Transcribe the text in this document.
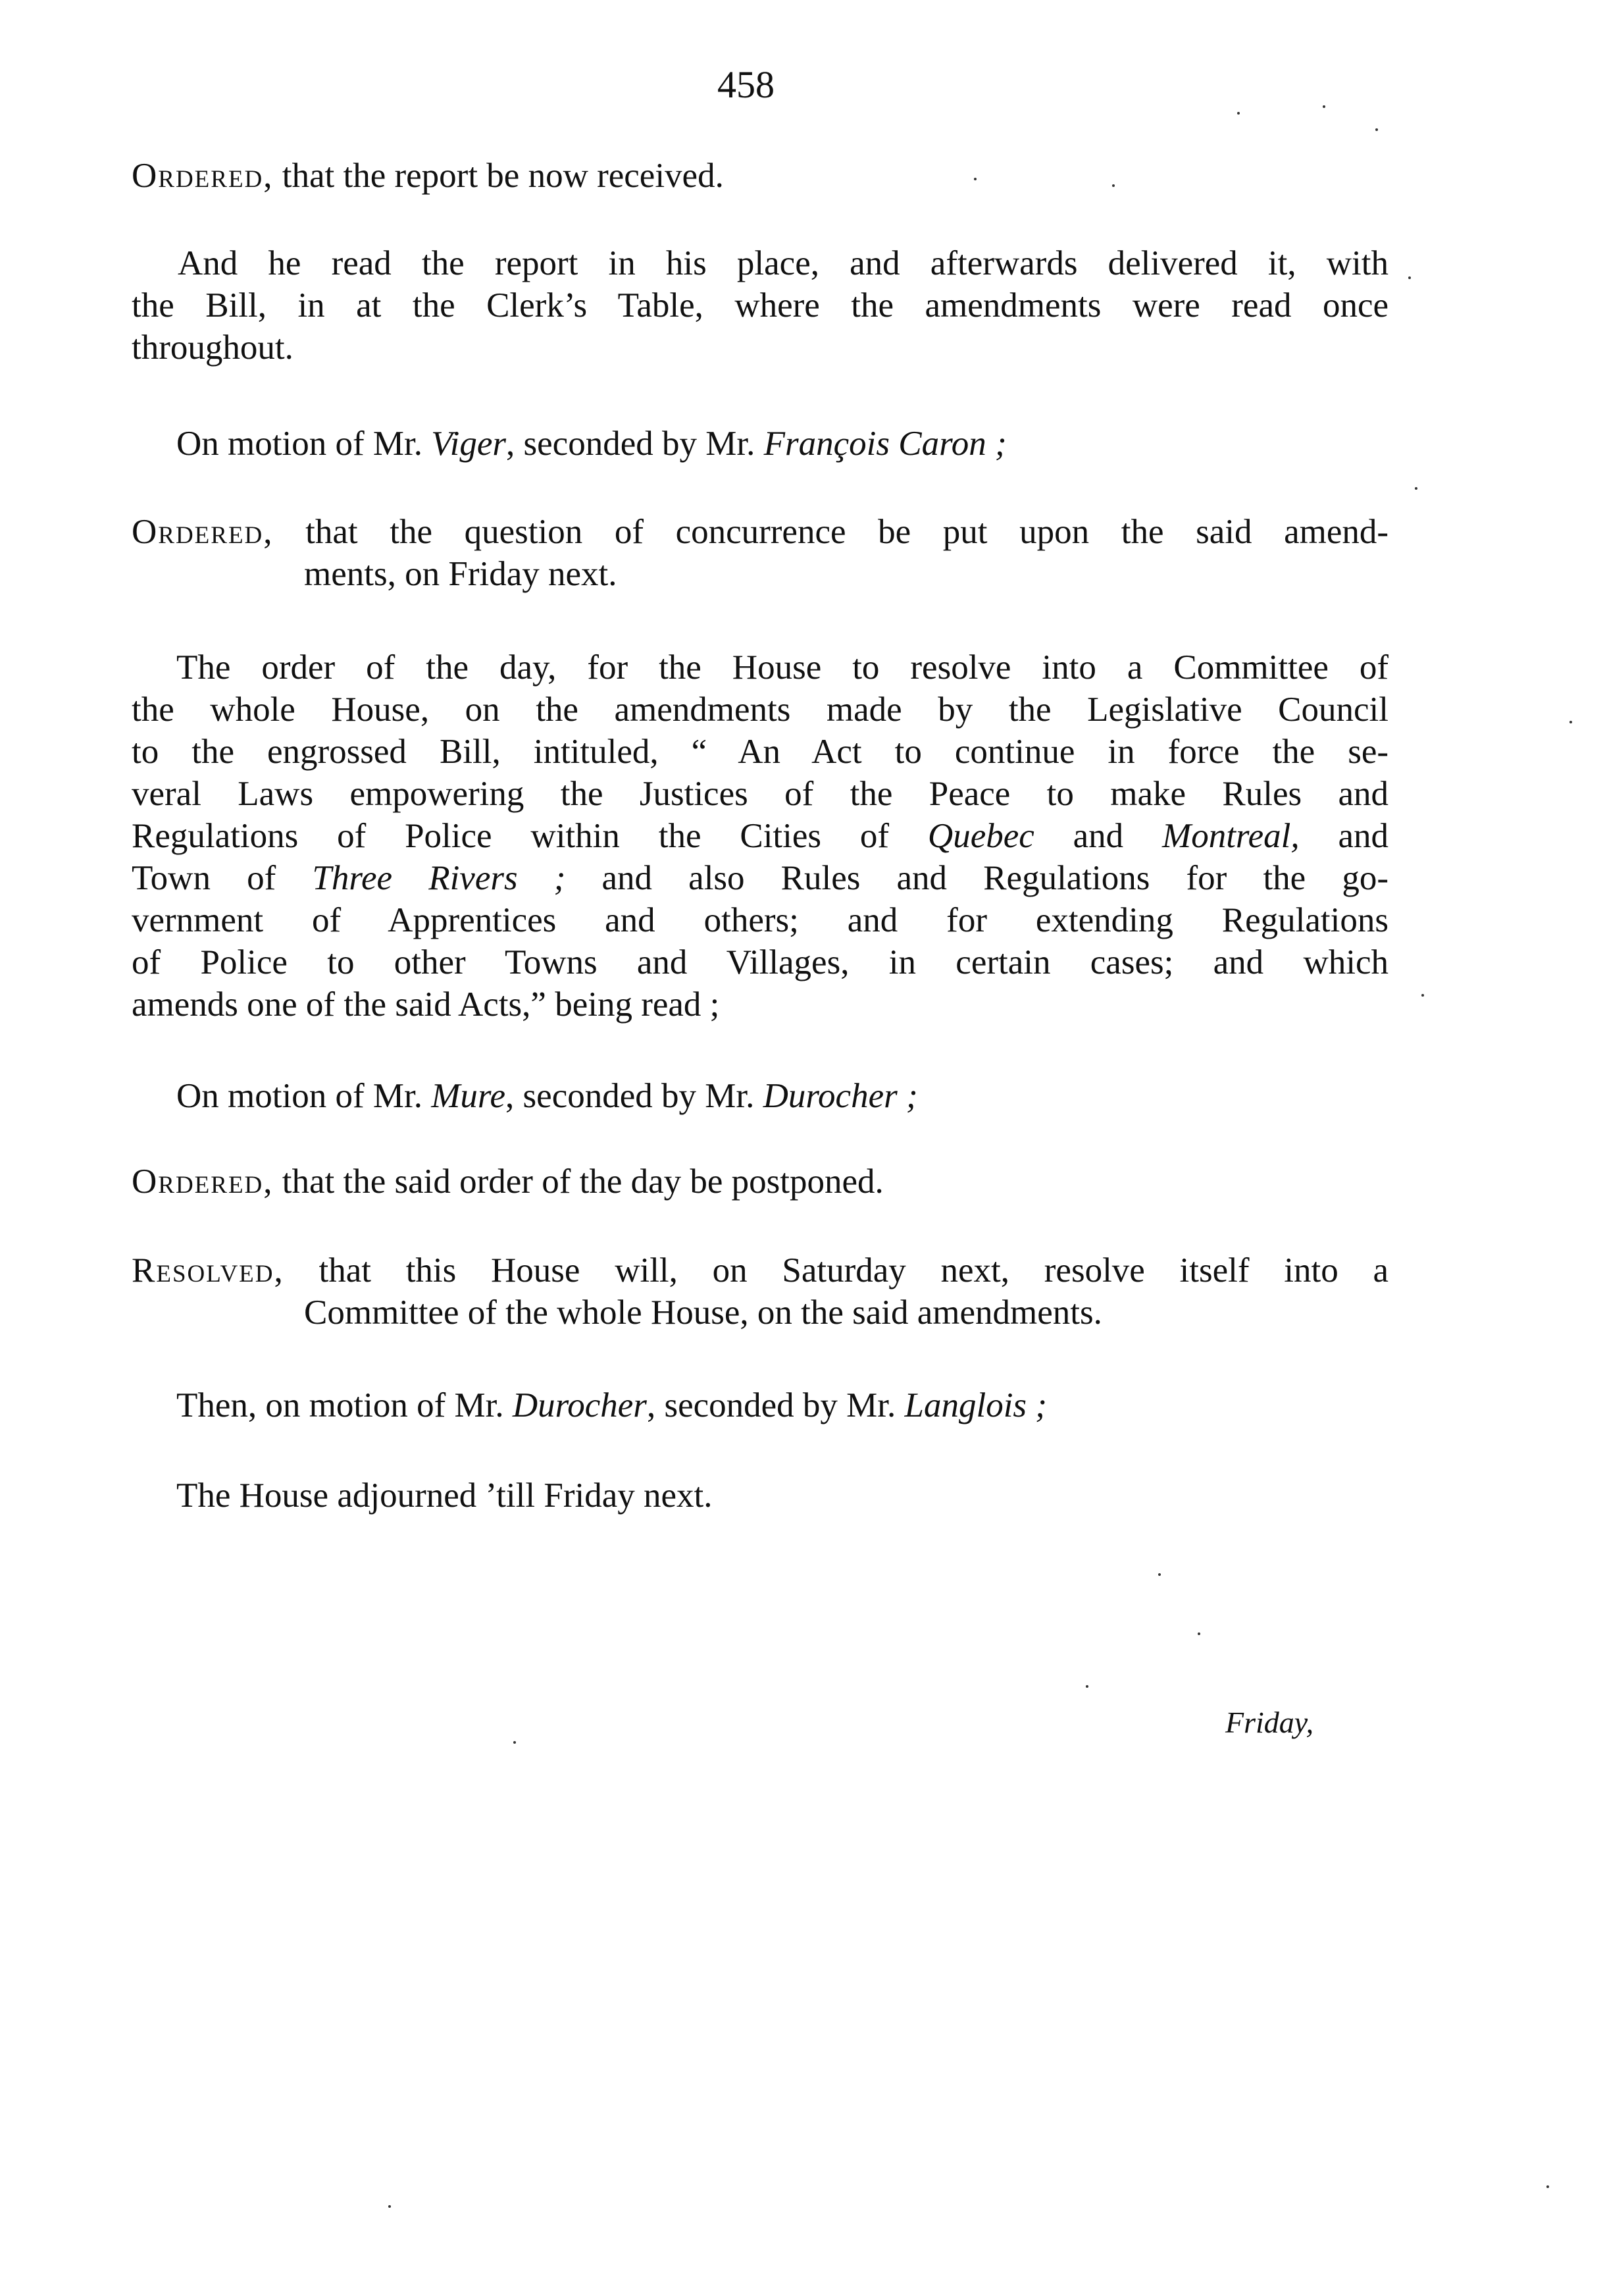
458
Ordered, that the report be now received.
And he read the report in his place, and afterwards delivered it, with
the Bill, in at the Clerk’s Table, where the amendments were read once
throughout.
On motion of Mr. Viger, seconded by Mr. François Caron ;
Ordered, that the question of concurrence be put upon the said amend-
ments, on Friday next.
The order of the day, for the House to resolve into a Committee of
the whole House, on the amendments made by the Legislative Council
to the engrossed Bill, intituled, “ An Act to continue in force the se-
veral Laws empowering the Justices of the Peace to make Rules and
Regulations of Police within the Cities of Quebec and Montreal, and
Town of Three Rivers ; and also Rules and Regulations for the go-
vernment of Apprentices and others; and for extending Regulations
of Police to other Towns and Villages, in certain cases; and which
amends one of the said Acts,” being read ;
On motion of Mr. Mure, seconded by Mr. Durocher ;
Ordered, that the said order of the day be postponed.
Resolved, that this House will, on Saturday next, resolve itself into a
Committee of the whole House, on the said amendments.
Then, on motion of Mr. Durocher, seconded by Mr. Langlois ;
The House adjourned ’till Friday next.
Friday,
